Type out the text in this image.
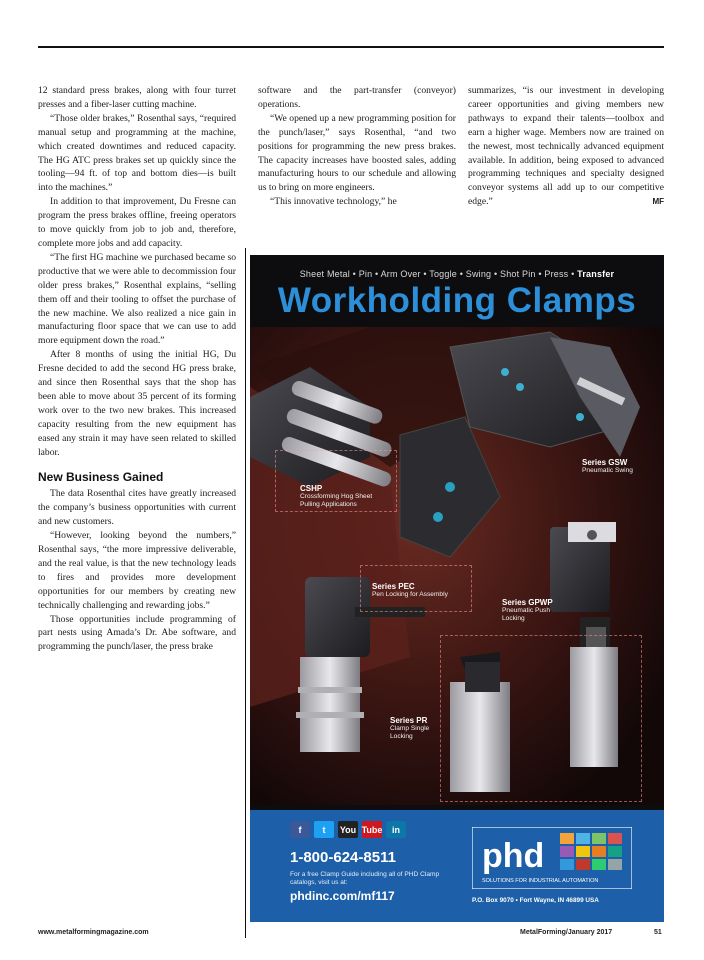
12 standard press brakes, along with four turret presses and a fiber-laser cutting machine.

“Those older brakes,” Rosenthal says, “required manual setup and programming at the machine, which created downtimes and reduced capacity. The HG ATC press brakes set up quickly since the tooling—94 ft. of top and bottom dies—is built into the machines.”

In addition to that improvement, Du Fresne can program the press brakes offline, freeing operators to move quickly from job to job and, therefore, complete more jobs and add capacity.

“The first HG machine we purchased became so productive that we were able to decommission four older press brakes,” Rosenthal explains, “selling them off and their tooling to offset the purchase of the new machine. We also realized a nice gain in manufacturing floor space that we can use to add more equipment down the road.”

After 8 months of using the initial HG, Du Fresne decided to add the second HG press brake, and since then Rosenthal says that the shop has been able to move about 35 percent of its forming work over to the two new brakes. This increased capacity resulting from the new equipment has eased any strain it may have seen related to skilled labor.

New Business Gained

The data Rosenthal cites have greatly increased the company’s business opportunities with current and new customers.

“However, looking beyond the numbers,” Rosenthal says, “the more impressive deliverable, and the real value, is that the new technology leads to fires and provides more development opportunities for our members by creating new technically challenging and rewarding jobs.”

Those opportunities include programming of part nests using Amada’s Dr. Abe software, and programming the punch/laser, the press brake

software and the part-transfer (conveyor) operations.

“We opened up a new programming position for the punch/laser,” says Rosenthal, “and two positions for programming the new press brakes. The capacity increases have boosted sales, adding manufacturing hours to our schedule and allowing us to bring on more engineers.

“This innovative technology,” he

summarizes, “is our investment in developing career opportunities and giving members new pathways to expand their talents—toolbox and earn a higher wage. Members now are trained on the newest, most technically advanced equipment available. In addition, being exposed to advanced programming techniques and specialty designed conveyor systems all add up to our competitive edge.”	MF

Sheet Metal • Pin • Arm Over • Toggle • Swing • Shot Pin • Press • Transfer
Workholding Clamps
CSHP
Crossforming Hog Sheet Pulling Applications
Series GSW
Pneumatic Swing
Series PEC
Pen Locking for Assembly
Series GPWP
Pneumatic Push Locking
Series PR
Clamp Single Locking
f	t	You Tube	in
1-800-624-8511
For a free Clamp Guide including all of PHD Clamp catalogs, visit us at:
phdinc.com/mf117
phd
SOLUTIONS FOR INDUSTRIAL AUTOMATION
P.O. Box 9070 • Fort Wayne, IN 46899 USA
www.metalformingmagazine.com	MetalForming/January 2017	51
